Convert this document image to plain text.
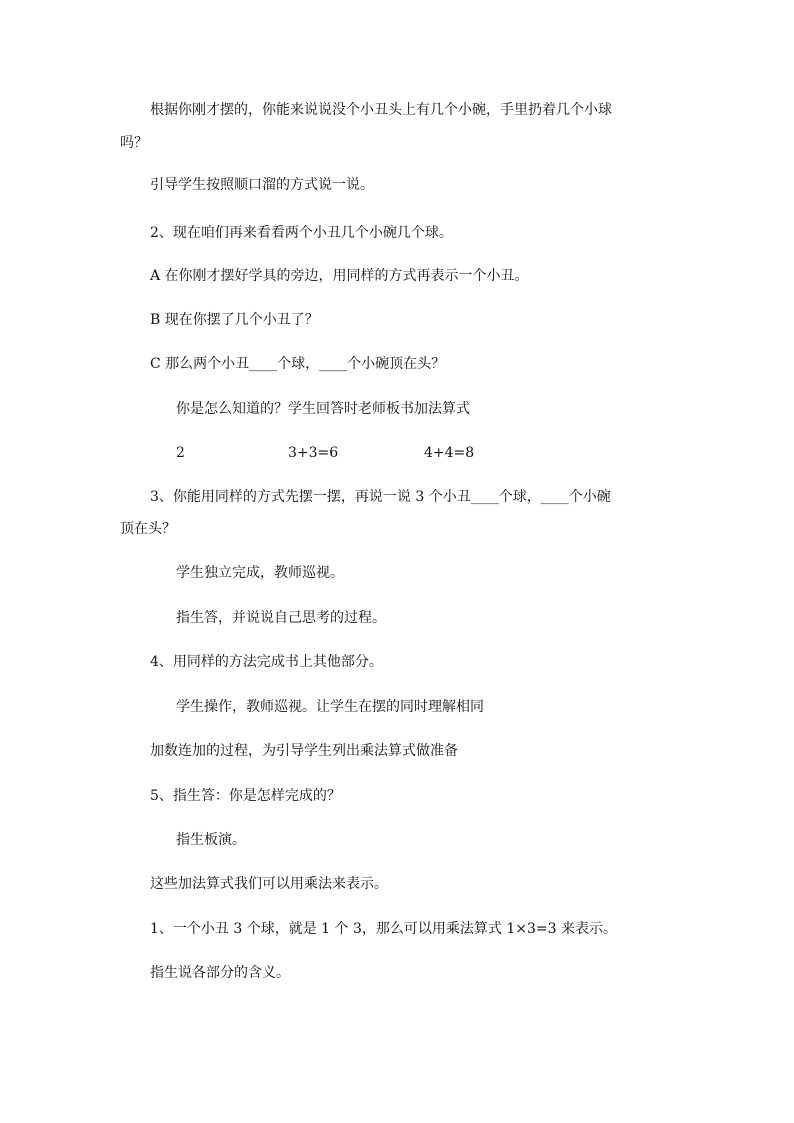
根据你刚才摆的，你能来说说没个小丑头上有几个小碗，手里扔着几个小球
吗？
引导学生按照顺口溜的方式说一说。
2、现在咱们再来看看两个小丑几个小碗几个球。
A 在你刚才摆好学具的旁边，用同样的方式再表示一个小丑。
B 现在你摆了几个小丑了？
C 那么两个小丑____个球，____个小碗顶在头？
你是怎么知道的？学生回答时老师板书加法算式
2	3+3=6	4+4=8
3、你能用同样的方式先摆一摆，再说一说 3 个小丑____个球，____个小碗
顶在头？
学生独立完成，教师巡视。
指生答，并说说自己思考的过程。
4、用同样的方法完成书上其他部分。
学生操作，教师巡视。让学生在摆的同时理解相同
加数连加的过程，为引导学生列出乘法算式做准备
5、指生答：你是怎样完成的？
指生板演。
这些加法算式我们可以用乘法来表示。
1、一个小丑 3 个球，就是 1 个 3，那么可以用乘法算式 1×3=3 来表示。
指生说各部分的含义。
